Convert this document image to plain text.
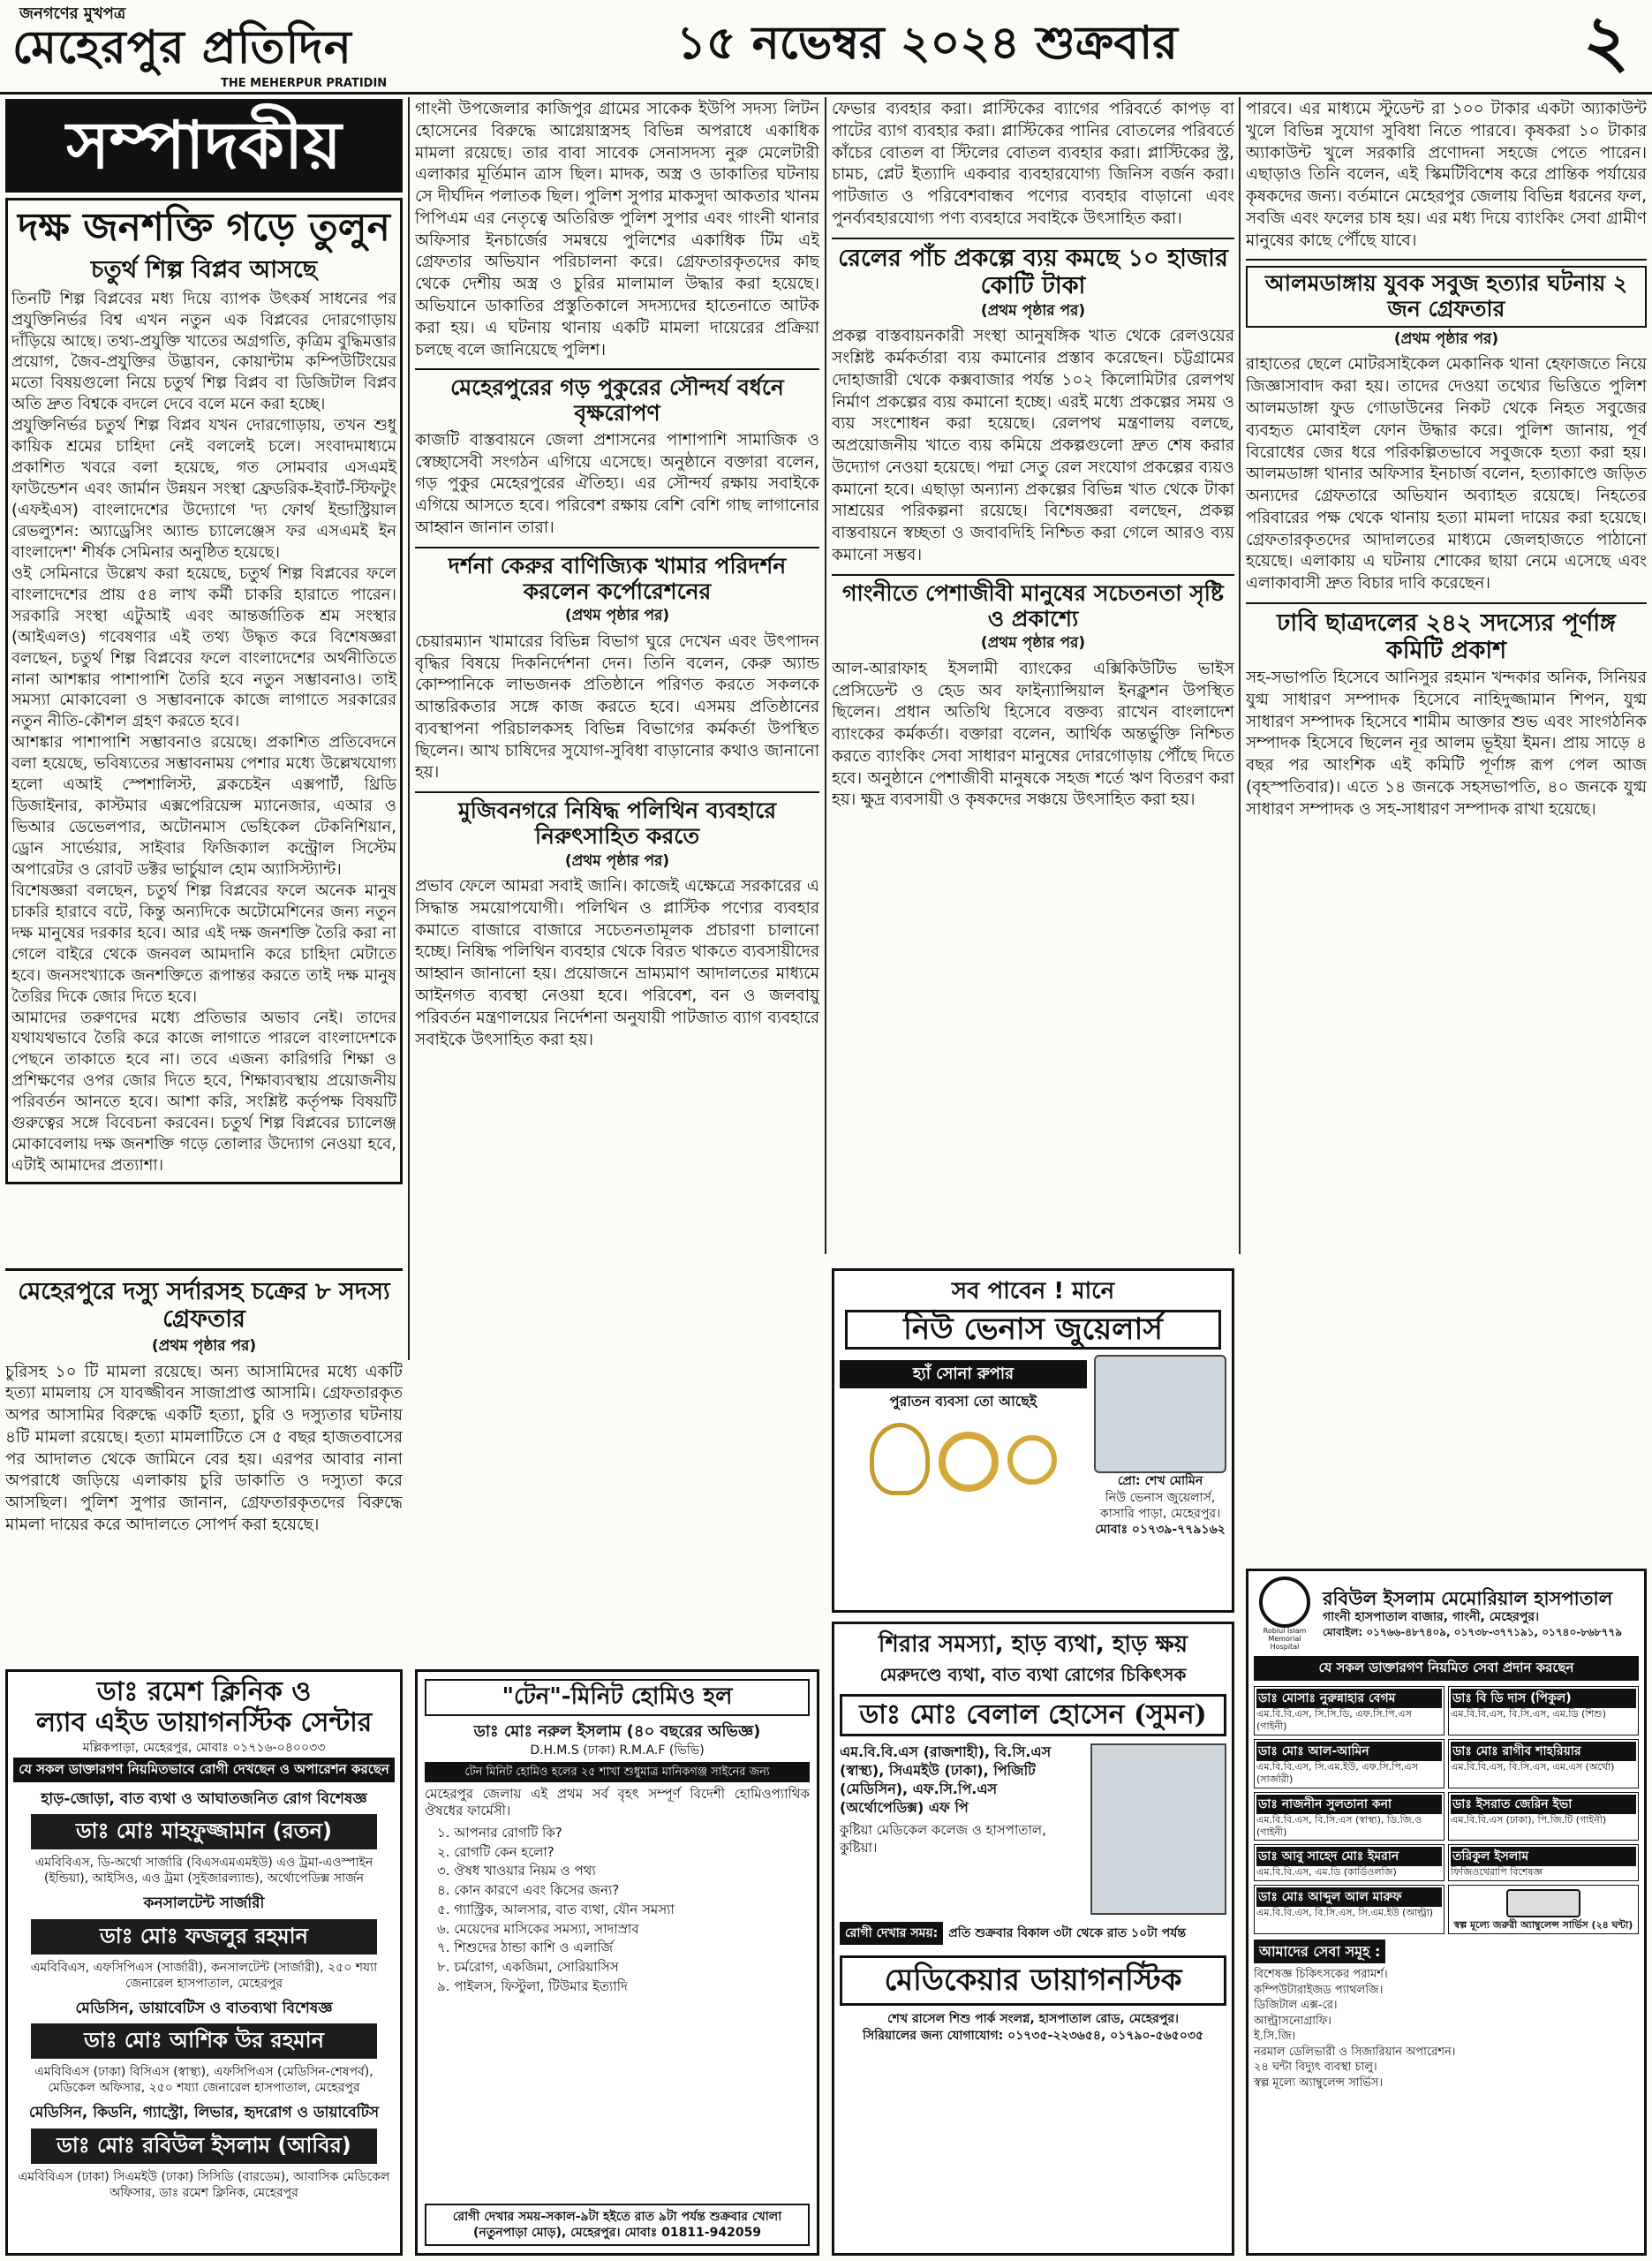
জনগণের মুখপত্র
মেহেরপুর প্রতিদিন
THE MEHERPUR PRATIDIN
১৫ নভেম্বর ২০২৪ শুক্রবার	২
সম্পাদকীয়
দক্ষ জনশক্তি গড়ে তুলুন
চতুর্থ শিল্প বিপ্লব আসছে

তিনটি শিল্প বিপ্লবের মধ্য দিয়ে ব্যাপক উৎকর্ষ সাধনের পর প্রযুক্তিনির্ভর বিশ্ব এখন নতুন এক বিপ্লবের দোরগোড়ায় দাঁড়িয়ে আছে। তথ্য-প্রযুক্তি খাতের অগ্রগতি, কৃত্রিম বুদ্ধিমত্তার প্রয়োগ, জৈব-প্রযুক্তির উদ্ভাবন, কোয়ান্টাম কম্পিউটিংয়ের মতো বিষয়গুলো নিয়ে চতুর্থ শিল্প বিপ্লব বা ডিজিটাল বিপ্লব অতি দ্রুত বিশ্বকে বদলে দেবে বলে মনে করা হচ্ছে।

প্রযুক্তিনির্ভর চতুর্থ শিল্প বিপ্লব যখন দোরগোড়ায়, তখন শুধু কায়িক শ্রমের চাহিদা নেই বললেই চলে। সংবাদমাধ্যমে প্রকাশিত খবরে বলা হয়েছে, গত সোমবার এসএমই ফাউন্ডেশন এবং জার্মান উন্নয়ন সংস্থা ফ্রেডরিক-ইবার্ট-স্টিফটুং (এফইএস) বাংলাদেশের উদ্যোগে 'দ্য ফোর্থ ইন্ডাস্ট্রিয়াল রেভল্যুশন: অ্যাড্রেসিং অ্যান্ড চ্যালেঞ্জেস ফর এসএমই ইন বাংলাদেশ' শীর্ষক সেমিনার অনুষ্ঠিত হয়েছে।

ওই সেমিনারে উল্লেখ করা হয়েছে, চতুর্থ শিল্প বিপ্লবের ফলে বাংলাদেশের প্রায় ৫৪ লাখ কর্মী চাকরি হারাতে পারেন। সরকারি সংস্থা এটুআই এবং আন্তর্জাতিক শ্রম সংস্থার (আইএলও) গবেষণার এই তথ্য উদ্ধৃত করে বিশেষজ্ঞরা বলছেন, চতুর্থ শিল্প বিপ্লবের ফলে বাংলাদেশের অর্থনীতিতে নানা আশঙ্কার পাশাপাশি তৈরি হবে নতুন সম্ভাবনাও। তাই সমস্যা মোকাবেলা ও সম্ভাবনাকে কাজে লাগাতে সরকারের নতুন নীতি-কৌশল গ্রহণ করতে হবে।

আশঙ্কার পাশাপাশি সম্ভাবনাও রয়েছে। প্রকাশিত প্রতিবেদনে বলা হয়েছে, ভবিষ্যতের সম্ভাবনাময় পেশার মধ্যে উল্লেখযোগ্য হলো এআই স্পেশালিস্ট, ব্লকচেইন এক্সপার্ট, থ্রিডি ডিজাইনার, কাস্টমার এক্সপেরিয়েন্স ম্যানেজার, এআর ও ভিআর ডেভেলপার, অটোনমাস ভেহিকেল টেকনিশিয়ান, ড্রোন সার্ভেয়ার, সাইবার ফিজিক্যাল কন্ট্রোল সিস্টেম অপারেটর ও রোবট ডক্টর ভার্চুয়াল হোম অ্যাসিস্ট্যান্ট।

বিশেষজ্ঞরা বলছেন, চতুর্থ শিল্প বিপ্লবের ফলে অনেক মানুষ চাকরি হারাবে বটে, কিন্তু অন্যদিকে অটোমেশিনের জন্য নতুন দক্ষ মানুষের দরকার হবে। আর এই দক্ষ জনশক্তি তৈরি করা না গেলে বাইরে থেকে জনবল আমদানি করে চাহিদা মেটাতে হবে। জনসংখ্যাকে জনশক্তিতে রূপান্তর করতে তাই দক্ষ মানুষ তৈরির দিকে জোর দিতে হবে।

আমাদের তরুণদের মধ্যে প্রতিভার অভাব নেই। তাদের যথাযথভাবে তৈরি করে কাজে লাগাতে পারলে বাংলাদেশকে পেছনে তাকাতে হবে না। তবে এজন্য কারিগরি শিক্ষা ও প্রশিক্ষণের ওপর জোর দিতে হবে, শিক্ষাব্যবস্থায় প্রয়োজনীয় পরিবর্তন আনতে হবে। আশা করি, সংশ্লিষ্ট কর্তৃপক্ষ বিষয়টি গুরুত্বের সঙ্গে বিবেচনা করবেন। চতুর্থ শিল্প বিপ্লবের চ্যালেঞ্জ মোকাবেলায় দক্ষ জনশক্তি গড়ে তোলার উদ্যোগ নেওয়া হবে, এটাই আমাদের প্রত্যাশা।

মেহেরপুরে দস্যু সর্দারসহ চক্রের ৮ সদস্য গ্রেফতার
(প্রথম পৃষ্ঠার পর)

চুরিসহ ১০ টি মামলা রয়েছে। অন্য আসামিদের মধ্যে একটি হত্যা মামলায় সে যাবজ্জীবন সাজাপ্রাপ্ত আসামি। গ্রেফতারকৃত অপর আসামির বিরুদ্ধে একটি হত্যা, চুরি ও দস্যুতার ঘটনায় ৪টি মামলা রয়েছে। হত্যা মামলাটিতে সে ৫ বছর হাজতবাসের পর আদালত থেকে জামিনে বের হয়। এরপর আবার নানা অপরাধে জড়িয়ে এলাকায় চুরি ডাকাতি ও দস্যুতা করে আসছিল। পুলিশ সুপার জানান, গ্রেফতারকৃতদের বিরুদ্ধে মামলা দায়ের করে আদালতে সোপর্দ করা হয়েছে।

ডাঃ রমেশ ক্লিনিক ও
ল্যাব এইড ডায়াগনস্টিক সেন্টার
মল্লিকপাড়া, মেহেরপুর, মোবাঃ ০১৭১৬-০৪০০৩৩
যে সকল ডাক্তারগণ নিয়মিতভাবে রোগী দেখছেন ও অপারেশন করছেন
হাড়-জোড়া, বাত ব্যথা ও আঘাতজনিত রোগ বিশেষজ্ঞ
ডাঃ মোঃ মাহফুজ্জামান (রতন)
এমবিবিএস, ডি-অর্থো সার্জারি (বিএসএমএমইউ) এও ট্রমা-এওস্পাইন (ইন্ডিয়া), আইসিও, এও ট্রমা (সুইজারল্যান্ড), অর্থোপেডিক্স সার্জন
কনসালটেন্ট সার্জারী
ডাঃ মোঃ ফজলুর রহমান
এমবিবিএস, এফসিপিএস (সার্জারী), কনসালটেন্ট (সার্জারী), ২৫০ শয্যা জেনারেল হাসপাতাল, মেহেরপুর
মেডিসিন, ডায়াবেটিস ও বাতব্যথা বিশেষজ্ঞ
ডাঃ মোঃ আশিক উর রহমান
এমবিবিএস (ঢাকা) বিসিএস (স্বাস্থ্য), এফসিপিএস (মেডিসিন-শেষপর্ব), মেডিকেল অফিসার, ২৫০ শয্যা জেনারেল হাসপাতাল, মেহেরপুর
মেডিসিন, কিডনি, গ্যাস্ট্রো, লিভার, হৃদরোগ ও ডায়াবেটিস
ডাঃ মোঃ রবিউল ইসলাম (আবির)
এমবিবিএস (ঢাকা) সিএমইউ (ঢাকা) সিসিডি (বারডেম), আবাসিক মেডিকেল অফিসার, ডাঃ রমেশ ক্লিনিক, মেহেরপুর

গাংনী উপজেলার কাজিপুর গ্রামের সাকেক ইউপি সদস্য লিটন হোসেনের বিরুদ্ধে আগ্নেয়াস্ত্রসহ বিভিন্ন অপরাধে একাধিক মামলা রয়েছে। তার বাবা সাবেক সেনাসদস্য নুরু মেলেটারী এলাকার মূর্তিমান ত্রাস ছিল। মাদক, অস্ত্র ও ডাকাতির ঘটনায় সে দীর্ঘদিন পলাতক ছিল। পুলিশ সুপার মাকসুদা আকতার খানম পিপিএম এর নেতৃত্বে অতিরিক্ত পুলিশ সুপার এবং গাংনী থানার অফিসার ইনচার্জের সমন্বয়ে পুলিশের একাধিক টিম এই গ্রেফতার অভিযান পরিচালনা করে। গ্রেফতারকৃতদের কাছ থেকে দেশীয় অস্ত্র ও চুরির মালামাল উদ্ধার করা হয়েছে। অভিযানে ডাকাতির প্রস্তুতিকালে সদস্যদের হাতেনাতে আটক করা হয়। এ ঘটনায় থানায় একটি মামলা দায়েরের প্রক্রিয়া চলছে বলে জানিয়েছে পুলিশ।

মেহেরপুরের গড় পুকুরের সৌন্দর্য বর্ধনে বৃক্ষরোপণ

কাজটি বাস্তবায়নে জেলা প্রশাসনের পাশাপাশি সামাজিক ও স্বেচ্ছাসেবী সংগঠন এগিয়ে এসেছে। অনুষ্ঠানে বক্তারা বলেন, গড় পুকুর মেহেরপুরের ঐতিহ্য। এর সৌন্দর্য রক্ষায় সবাইকে এগিয়ে আসতে হবে। পরিবেশ রক্ষায় বেশি বেশি গাছ লাগানোর আহ্বান জানান তারা।

দর্শনা কেরুর বাণিজ্যিক খামার পরিদর্শন করলেন কর্পোরেশনের
(প্রথম পৃষ্ঠার পর)

চেয়ারম্যান খামারের বিভিন্ন বিভাগ ঘুরে দেখেন এবং উৎপাদন বৃদ্ধির বিষয়ে দিকনির্দেশনা দেন। তিনি বলেন, কেরু অ্যান্ড কোম্পানিকে লাভজনক প্রতিষ্ঠানে পরিণত করতে সকলকে আন্তরিকতার সঙ্গে কাজ করতে হবে। এসময় প্রতিষ্ঠানের ব্যবস্থাপনা পরিচালকসহ বিভিন্ন বিভাগের কর্মকর্তা উপস্থিত ছিলেন। আখ চাষিদের সুযোগ-সুবিধা বাড়ানোর কথাও জানানো হয়।

মুজিবনগরে নিষিদ্ধ পলিথিন ব্যবহারে নিরুৎসাহিত করতে
(প্রথম পৃষ্ঠার পর)

প্রভাব ফেলে আমরা সবাই জানি। কাজেই এক্ষেত্রে সরকারের এ সিদ্ধান্ত সময়োপযোগী। পলিথিন ও প্লাস্টিক পণ্যের ব্যবহার কমাতে বাজারে বাজারে সচেতনতামূলক প্রচারণা চালানো হচ্ছে। নিষিদ্ধ পলিথিন ব্যবহার থেকে বিরত থাকতে ব্যবসায়ীদের আহ্বান জানানো হয়। প্রয়োজনে ভ্রাম্যমাণ আদালতের মাধ্যমে আইনগত ব্যবস্থা নেওয়া হবে। পরিবেশ, বন ও জলবায়ু পরিবর্তন মন্ত্রণালয়ের নির্দেশনা অনুযায়ী পাটজাত ব্যাগ ব্যবহারে সবাইকে উৎসাহিত করা হয়।

"টেন"-মিনিট হোমিও হল
ডাঃ মোঃ নরুল ইসলাম (৪০ বছরের অভিজ্ঞ)
D.H.M.S (ঢাকা) R.M.A.F (ভিভি)
টেন মিনিট হোমিও হলের ২৫ শাখা শুধুমাত্র মানিকগঞ্জ সাইনের জন্য

মেহেরপুর জেলায় এই প্রথম সর্ব বৃহৎ সম্পূর্ণ বিদেশী হোমিওপ্যাথিক ঔষধের ফার্মেসী।

১. আপনার রোগটি কি?
২. রোগটি কেন হলো?
৩. ঔষধ খাওয়ার নিয়ম ও পথ্য
৪. কোন কারণে এবং কিসের জন্য?
৫. গ্যাস্ট্রিক, আলসার, বাত ব্যথা, যৌন সমস্যা
৬. মেয়েদের মাসিকের সমস্যা, সাদাস্রাব
৭. শিশুদের ঠান্ডা কাশি ও এলার্জি
৮. চর্মরোগ, একজিমা, সোরিয়াসিস
৯. পাইলস, ফিস্টুলা, টিউমার ইত্যাদি
রোগী দেখার সময়-সকাল-৯টা হইতে রাত ৯টা পর্যন্ত শুক্রবার খোলা
(নতুনপাড়া মোড়), মেহেরপুর। মোবাঃ 01811-942059

ফেভার ব্যবহার করা। প্লাস্টিকের ব্যাগের পরিবর্তে কাপড় বা পাটের ব্যাগ ব্যবহার করা। প্লাস্টিকের পানির বোতলের পরিবর্তে কাঁচের বোতল বা স্টিলের বোতল ব্যবহার করা। প্লাস্টিকের স্ট্র, চামচ, প্লেট ইত্যাদি একবার ব্যবহারযোগ্য জিনিস বর্জন করা। পাটজাত ও পরিবেশবান্ধব পণ্যের ব্যবহার বাড়ানো এবং পুনর্ব্যবহারযোগ্য পণ্য ব্যবহারে সবাইকে উৎসাহিত করা।

রেলের পাঁচ প্রকল্পে ব্যয় কমছে ১০ হাজার কোটি টাকা
(প্রথম পৃষ্ঠার পর)

প্রকল্প বাস্তবায়নকারী সংস্থা আনুষঙ্গিক খাত থেকে রেলওয়ের সংশ্লিষ্ট কর্মকর্তারা ব্যয় কমানোর প্রস্তাব করেছেন। চট্টগ্রামের দোহাজারী থেকে কক্সবাজার পর্যন্ত ১০২ কিলোমিটার রেলপথ নির্মাণ প্রকল্পের ব্যয় কমানো হচ্ছে। এরই মধ্যে প্রকল্পের সময় ও ব্যয় সংশোধন করা হয়েছে। রেলপথ মন্ত্রণালয় বলছে, অপ্রয়োজনীয় খাতে ব্যয় কমিয়ে প্রকল্পগুলো দ্রুত শেষ করার উদ্যোগ নেওয়া হয়েছে। পদ্মা সেতু রেল সংযোগ প্রকল্পের ব্যয়ও কমানো হবে। এছাড়া অন্যান্য প্রকল্পের বিভিন্ন খাত থেকে টাকা সাশ্রয়ের পরিকল্পনা রয়েছে। বিশেষজ্ঞরা বলছেন, প্রকল্প বাস্তবায়নে স্বচ্ছতা ও জবাবদিহি নিশ্চিত করা গেলে আরও ব্যয় কমানো সম্ভব।

গাংনীতে পেশাজীবী মানুষের সচেতনতা সৃষ্টি ও প্রকাশ্যে
(প্রথম পৃষ্ঠার পর)

আল-আরাফাহ ইসলামী ব্যাংকের এক্সিকিউটিভ ভাইস প্রেসিডেন্ট ও হেড অব ফাইন্যান্সিয়াল ইনক্লুশন উপস্থিত ছিলেন। প্রধান অতিথি হিসেবে বক্তব্য রাখেন বাংলাদেশ ব্যাংকের কর্মকর্তা। বক্তারা বলেন, আর্থিক অন্তর্ভুক্তি নিশ্চিত করতে ব্যাংকিং সেবা সাধারণ মানুষের দোরগোড়ায় পৌঁছে দিতে হবে। অনুষ্ঠানে পেশাজীবী মানুষকে সহজ শর্তে ঋণ বিতরণ করা হয়। ক্ষুদ্র ব্যবসায়ী ও কৃষকদের সঞ্চয়ে উৎসাহিত করা হয়।

সব পাবেন ! মানে
নিউ ভেনাস জুয়েলার্স
হ্যাঁ সোনা রুপার
পুরাতন ব্যবসা তো আছেই
প্রো: শেখ মোমিন
নিউ ভেনাস জুয়েলার্স, কাসারি পাড়া, মেহেরপুর।
মোবাঃ ০১৭৩৯-৭৭৯১৬২
শিরার সমস্যা, হাড় ব্যথা, হাড় ক্ষয়
মেরুদণ্ডে ব্যথা, বাত ব্যথা রোগের চিকিৎসক
ডাঃ মোঃ বেলাল হোসেন (সুমন)
এম.বি.বি.এস (রাজশাহী), বি.সি.এস (স্বাস্থ্য), সিএমইউ (ঢাকা), পিজিটি (মেডিসিন), এফ.সি.পি.এস (অর্থোপেডিক্স) এফ পি
কুষ্টিয়া মেডিকেল কলেজ ও হাসপাতাল, কুষ্টিয়া।
রোগী দেখার সময়: প্রতি শুক্রবার বিকাল ৩টা থেকে রাত ১০টা পর্যন্ত
মেডিকেয়ার ডায়াগনস্টিক
শেখ রাসেল শিশু পার্ক সংলগ্ন, হাসপাতাল রোড, মেহেরপুর।
সিরিয়ালের জন্য যোগাযোগ: ০১৭৩৫-২২৩৬৫৪, ০১৭৯০-৫৬৫০৩৫

পারবে। এর মাধ্যমে স্টুডেন্ট রা ১০০ টাকার একটা অ্যাকাউন্ট খুলে বিভিন্ন সুযোগ সুবিধা নিতে পারবে। কৃষকরা ১০ টাকার অ্যাকাউন্ট খুলে সরকারি প্রণোদনা সহজে পেতে পারেন। এছাড়াও তিনি বলেন, এই স্কিমটিবিশেষ করে প্রান্তিক পর্যায়ের কৃষকদের জন্য। বর্তমানে মেহেরপুর জেলায় বিভিন্ন ধরনের ফল, সবজি এবং ফলের চাষ হয়। এর মধ্য দিয়ে ব্যাংকিং সেবা গ্রামীণ মানুষের কাছে পৌঁছে যাবে।

আলমডাঙ্গায় যুবক সবুজ হত্যার ঘটনায় ২ জন গ্রেফতার
(প্রথম পৃষ্ঠার পর)

রাহাতের ছেলে মোটরসাইকেল মেকানিক থানা হেফাজতে নিয়ে জিজ্ঞাসাবাদ করা হয়। তাদের দেওয়া তথ্যের ভিত্তিতে পুলিশ আলমডাঙ্গা ফুড গোডাউনের নিকট থেকে নিহত সবুজের ব্যবহৃত মোবাইল ফোন উদ্ধার করে। পুলিশ জানায়, পূর্ব বিরোধের জের ধরে পরিকল্পিতভাবে সবুজকে হত্যা করা হয়। আলমডাঙ্গা থানার অফিসার ইনচার্জ বলেন, হত্যাকাণ্ডে জড়িত অন্যদের গ্রেফতারে অভিযান অব্যাহত রয়েছে। নিহতের পরিবারের পক্ষ থেকে থানায় হত্যা মামলা দায়ের করা হয়েছে। গ্রেফতারকৃতদের আদালতের মাধ্যমে জেলহাজতে পাঠানো হয়েছে। এলাকায় এ ঘটনায় শোকের ছায়া নেমে এসেছে এবং এলাকাবাসী দ্রুত বিচার দাবি করেছেন।

ঢাবি ছাত্রদলের ২৪২ সদস্যের পূর্ণাঙ্গ কমিটি প্রকাশ

সহ-সভাপতি হিসেবে আনিসুর রহমান খন্দকার অনিক, সিনিয়র যুগ্ম সাধারণ সম্পাদক হিসেবে নাহিদুজ্জামান শিপন, যুগ্ম সাধারণ সম্পাদক হিসেবে শামীম আক্তার শুভ এবং সাংগঠনিক সম্পাদক হিসেবে ছিলেন নূর আলম ভূইয়া ইমন। প্রায় সাড়ে ৪ বছর পর আংশিক এই কমিটি পূর্ণাঙ্গ রূপ পেল আজ (বৃহস্পতিবার)। এতে ১৪ জনকে সহসভাপতি, ৪০ জনকে যুগ্ম সাধারণ সম্পাদক ও সহ-সাধারণ সম্পাদক রাখা হয়েছে।

Robiul Islam Memorial Hospital
রবিউল ইসলাম মেমোরিয়াল হাসপাতাল
গাংনী হাসপাতাল বাজার, গাংনী, মেহেরপুর।
মোবাইল: ০১৭৬৬-৪৮৭৪০৯, ০১৭৩৮-৩৭৭১৯১, ০১৭৪০-৮৬৮৭৭৯
যে সকল ডাক্তারগণ নিয়মিত সেবা প্রদান করছেন
ডাঃ মোসাঃ নুরুন্নাহার বেগম
এম.বি.বি.এস, সি.সি.ডি, এফ.সি.পি.এস (গাইনী)
ডাঃ বি ডি দাস (পিকুল)
এম.বি.বি.এস, বি.সি.এস, এম.ডি (শিশু)
ডাঃ মোঃ আল-আমিন
এম.বি.বি.এস, সি.এম.ইউ, এফ.সি.পি.এস (সার্জারী)
ডাঃ মোঃ রাগীব শাহরিয়ার
এম.বি.বি.এস, বি.সি.এস, এম.এস (অর্থো)
ডাঃ নাজনীন সুলতানা কনা
এম.বি.বি.এস, বি.সি.এস (স্বাস্থ্য), ডি.জি.ও (গাইনী)
ডাঃ ইসরাত জেরিন ইভা
এম.বি.বি.এস (ঢাকা), পি.জি.টি (গাইনী)
ডাঃ আবু সাহেদ মোঃ ইমরান
এম.বি.বি.এস, এম.ডি (কার্ডিওলজি)
তরিকুল ইসলাম
ফিজিওথেরাপি বিশেষজ্ঞ
ডাঃ মোঃ আব্দুল আল মারুফ
এম.বি.বি.এস, বি.সি.এস, সি.এম.ইউ (আল্ট্রা)
স্বল্প মূল্যে জরুরী অ্যাম্বুলেন্স সার্ভিস (২৪ ঘন্টা)
আমাদের সেবা সমূহ :
বিশেষজ্ঞ চিকিৎসকের পরামর্শ।
কম্পিউটারাইজড প্যাথলজি।
ডিজিটাল এক্স-রে।
আল্ট্রাসনোগ্রাফি।
ই.সি.জি।
নরমাল ডেলিভারী ও সিজারিয়ান অপারেশন।
২৪ ঘন্টা বিদ্যুৎ ব্যবস্থা চালু।
স্বল্প মূল্যে অ্যাম্বুলেন্স সার্ভিস।
